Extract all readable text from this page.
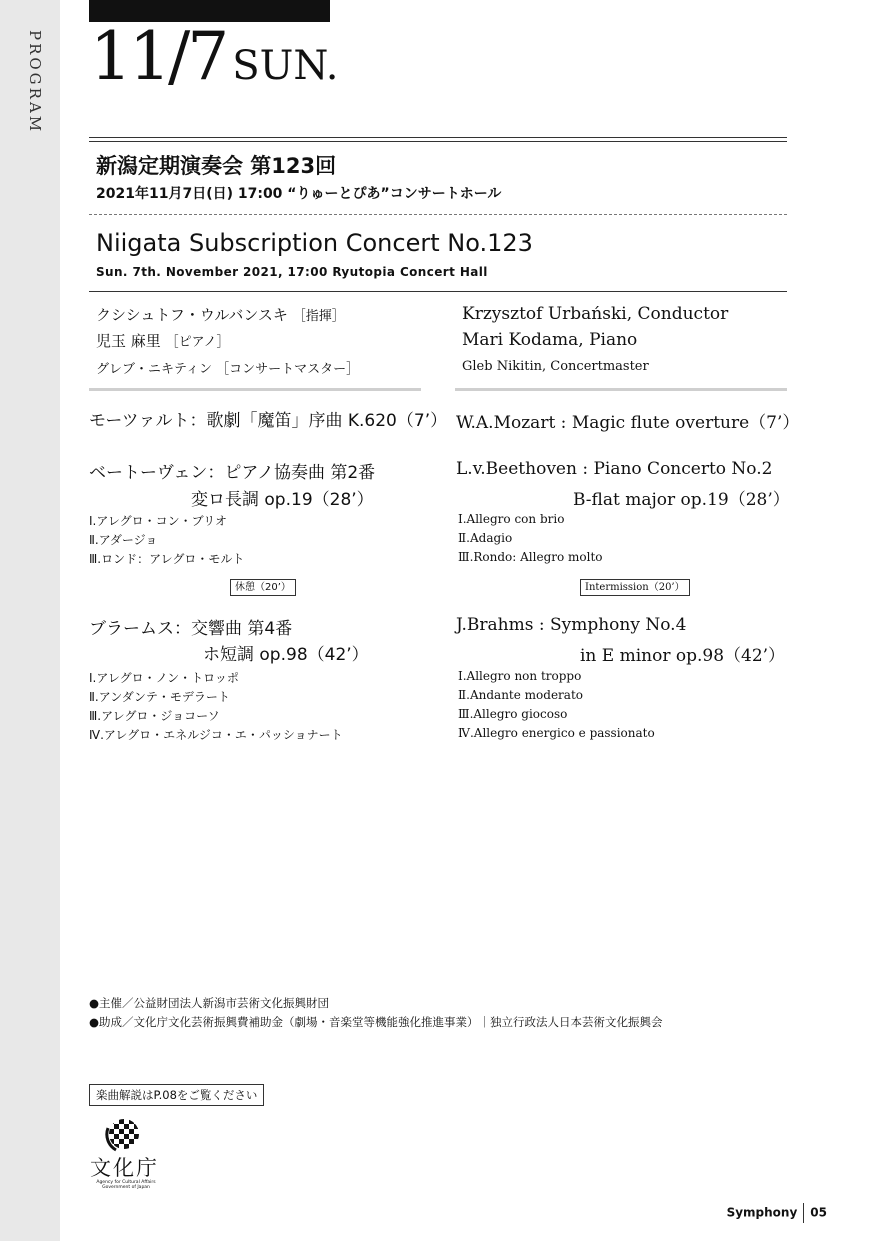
PROGRAM 11/7 SUN.
新潟定期演奏会 第123回
2021年11月7日(日) 17:00 “りゅーとぴあ”コンサートホール
Niigata Subscription Concert No.123
Sun. 7th. November 2021, 17:00 Ryutopia Concert Hall
クシシュトフ・ウルバンスキ ［指揮］
児玉 麻里 ［ピアノ］
グレブ・ニキティン ［コンサートマスター］
Krzysztof Urbański, Conductor
Mari Kodama, Piano
Gleb Nikitin, Concertmaster
モーツァルト：歌劇「魔笛」序曲 K.620（7’） W.A.Mozart : Magic flute overture（7’）
ベートーヴェン：ピアノ協奏曲 第2番
変ロ長調 op.19（28’）
Ⅰ.アレグロ・コン・ブリオ
Ⅱ.アダージョ
Ⅲ.ロンド：アレグロ・モルト
L.v.Beethoven : Piano Concerto No.2
B-flat major op.19（28’）
Ⅰ.Allegro con brio
Ⅱ.Adagio
Ⅲ.Rondo: Allegro molto
休憩（20’）	Intermission（20’）
ブラームス：交響曲 第4番
ホ短調 op.98（42’）
Ⅰ.アレグロ・ノン・トロッポ
Ⅱ.アンダンテ・モデラート
Ⅲ.アレグロ・ジョコーソ
Ⅳ.アレグロ・エネルジコ・エ・パッショナート
J.Brahms : Symphony No.4
in E minor op.98（42’）
Ⅰ.Allegro non troppo
Ⅱ.Andante moderato
Ⅲ.Allegro giocoso
Ⅳ.Allegro energico e passionato
●主催／公益財団法人新潟市芸術文化振興財団
●助成／文化庁文化芸術振興費補助金（劇場・音楽堂等機能強化推進事業）｜独立行政法人日本芸術文化振興会
楽曲解説はP.08をご覧ください
文化庁
Agency for Cultural Affairs Government of Japan
Symphony 05
